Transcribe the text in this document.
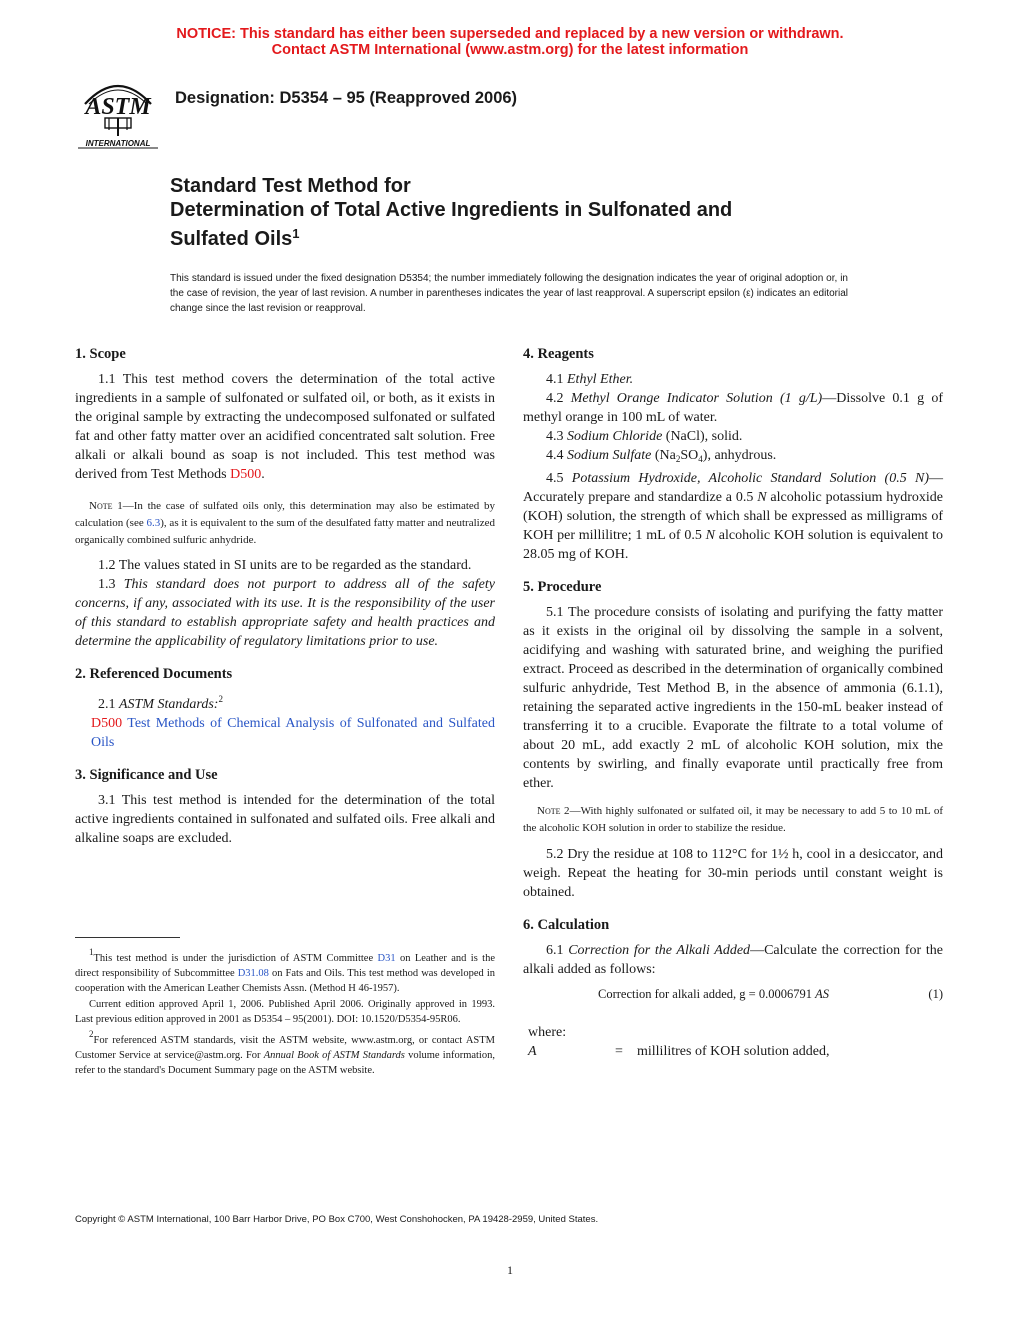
NOTICE: This standard has either been superseded and replaced by a new version or withdrawn.
Contact ASTM International (www.astm.org) for the latest information
ASTM
INTERNATIONAL
Designation: D5354 – 95 (Reapproved 2006)
Standard Test Method for
Determination of Total Active Ingredients in Sulfonated and
Sulfated Oils$^1$
This standard is issued under the fixed designation D5354; the number immediately following the designation indicates the year of original adoption or, in the case of revision, the year of last revision. A number in parentheses indicates the year of last reapproval. A superscript epsilon (ε) indicates an editorial change since the last revision or reapproval.
1. Scope

1.1 This test method covers the determination of the total active ingredients in a sample of sulfonated or sulfated oil, or both, as it exists in the original sample by extracting the undecomposed sulfonated or sulfated fat and other fatty matter over an acidified concentrated salt solution. Free alkali or alkali bound as soap is not included. This test method was derived from Test Methods D500.

Note 1—In the case of sulfated oils only, this determination may also be estimated by calculation (see 6.3), as it is equivalent to the sum of the desulfated fatty matter and neutralized organically combined sulfuric anhydride.

1.2 The values stated in SI units are to be regarded as the standard.

1.3 This standard does not purport to address all of the safety concerns, if any, associated with its use. It is the responsibility of the user of this standard to establish appropriate safety and health practices and determine the applicability of regulatory limitations prior to use.

2. Referenced Documents

2.1 ASTM Standards:$^2$

D500 Test Methods of Chemical Analysis of Sulfonated and Sulfated Oils

3. Significance and Use

3.1 This test method is intended for the determination of the total active ingredients contained in sulfonated and sulfated oils. Free alkali and alkaline soaps are excluded.

1This test method is under the jurisdiction of ASTM Committee D31 on Leather and is the direct responsibility of Subcommittee D31.08 on Fats and Oils. This test method was developed in cooperation with the American Leather Chemists Assn. (Method H 46-1957).

Current edition approved April 1, 2006. Published April 2006. Originally approved in 1993. Last previous edition approved in 2001 as D5354 – 95(2001). DOI: 10.1520/D5354-95R06.

2For referenced ASTM standards, visit the ASTM website, www.astm.org, or contact ASTM Customer Service at service@astm.org. For Annual Book of ASTM Standards volume information, refer to the standard's Document Summary page on the ASTM website.

4. Reagents

4.1 Ethyl Ether.

4.2 Methyl Orange Indicator Solution (1 g/L)—Dissolve 0.1 g of methyl orange in 100 mL of water.

4.3 Sodium Chloride (NaCl), solid.

4.4 Sodium Sulfate $(Na_2SO_4)$, anhydrous.

4.5 Potassium Hydroxide, Alcoholic Standard Solution (0.5 N)—Accurately prepare and standardize a 0.5 N alcoholic potassium hydroxide (KOH) solution, the strength of which shall be expressed as milligrams of KOH per millilitre; 1 mL of 0.5 N alcoholic KOH solution is equivalent to 28.05 mg of KOH.

5. Procedure

5.1 The procedure consists of isolating and purifying the fatty matter as it exists in the original oil by dissolving the sample in a solvent, acidifying and washing with saturated brine, and weighing the purified extract. Proceed as described in the determination of organically combined sulfuric anhydride, Test Method B, in the absence of ammonia (6.1.1), retaining the separated active ingredients in the 150-mL beaker instead of transferring it to a crucible. Evaporate the filtrate to a total volume of about 20 mL, add exactly 2 mL of alcoholic KOH solution, mix the contents by swirling, and finally evaporate until practically free from ether.

Note 2—With highly sulfonated or sulfated oil, it may be necessary to add 5 to 10 mL of the alcoholic KOH solution in order to stabilize the residue.

5.2 Dry the residue at 108 to 112°C for 1½ h, cool in a desiccator, and weigh. Repeat the heating for 30-min periods until constant weight is obtained.

6. Calculation

6.1 Correction for the Alkali Added—Calculate the correction for the alkali added as follows:

Correction for alkali added, g = 0.0006791 AS	(1)
where:
A	= millilitres of KOH solution added,
Copyright © ASTM International, 100 Barr Harbor Drive, PO Box C700, West Conshohocken, PA 19428-2959, United States.
1
